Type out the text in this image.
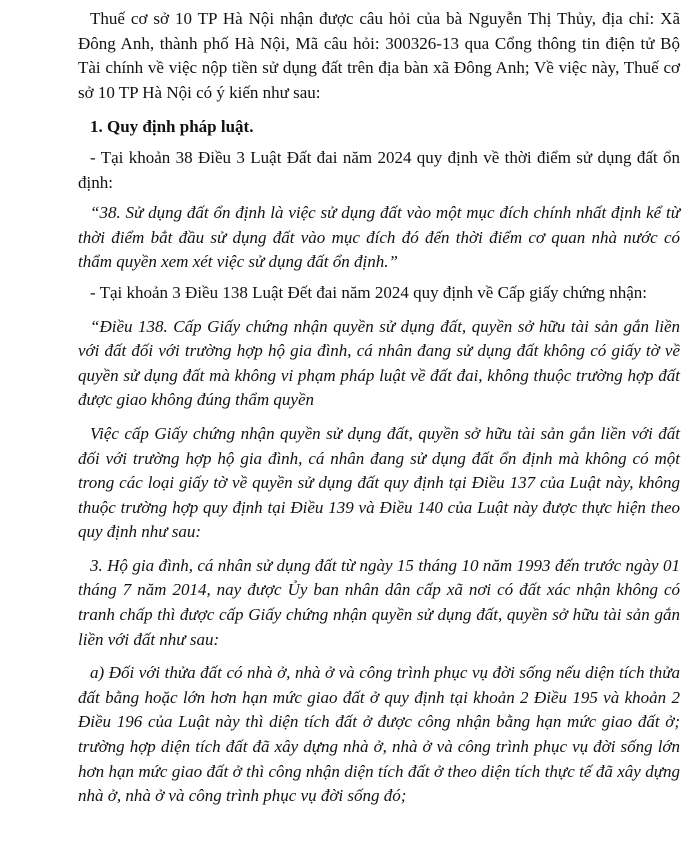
Thuế cơ sở 10 TP Hà Nội nhận được câu hỏi của bà Nguyễn Thị Thủy, địa chỉ: Xã Đông Anh, thành phố Hà Nội, Mã câu hỏi: 300326-13 qua Cổng thông tin điện tử Bộ Tài chính về việc nộp tiền sử dụng đất trên địa bàn xã Đông Anh; Về việc này, Thuế cơ sở 10 TP Hà Nội có ý kiến như sau:

1. Quy định pháp luật.

- Tại khoản 38 Điều 3 Luật Đất đai năm 2024 quy định về thời điểm sử dụng đất ổn định:

“38. Sử dụng đất ổn định là việc sử dụng đất vào một mục đích chính nhất định kể từ thời điểm bắt đầu sử dụng đất vào mục đích đó đến thời điểm cơ quan nhà nước có thẩm quyền xem xét việc sử dụng đất ổn định.”

- Tại khoản 3 Điều 138 Luật Đết đai năm 2024 quy định về Cấp giấy chứng nhận:

“Điều 138. Cấp Giấy chứng nhận quyền sử dụng đất, quyền sở hữu tài sản gắn liền với đất đối với trường hợp hộ gia đình, cá nhân đang sử dụng đất không có giấy tờ về quyền sử dụng đất mà không vi phạm pháp luật về đất đai, không thuộc trường hợp đất được giao không đúng thẩm quyền

Việc cấp Giấy chứng nhận quyền sử dụng đất, quyền sở hữu tài sản gắn liền với đất đối với trường hợp hộ gia đình, cá nhân đang sử dụng đất ổn định mà không có một trong các loại giấy tờ về quyền sử dụng đất quy định tại Điều 137 của Luật này, không thuộc trường hợp quy định tại Điều 139 và Điều 140 của Luật này được thực hiện theo quy định như sau:

3. Hộ gia đình, cá nhân sử dụng đất từ ngày 15 tháng 10 năm 1993 đến trước ngày 01 tháng 7 năm 2014, nay được Ủy ban nhân dân cấp xã nơi có đất xác nhận không có tranh chấp thì được cấp Giấy chứng nhận quyền sử dụng đất, quyền sở hữu tài sản gắn liền với đất như sau:

a) Đối với thửa đất có nhà ở, nhà ở và công trình phục vụ đời sống nếu diện tích thửa đất bằng hoặc lớn hơn hạn mức giao đất ở quy định tại khoản 2 Điều 195 và khoản 2 Điều 196 của Luật này thì diện tích đất ở được công nhận bằng hạn mức giao đất ở; trường hợp diện tích đất đã xây dựng nhà ở, nhà ở và công trình phục vụ đời sống lớn hơn hạn mức giao đất ở thì công nhận diện tích đất ở theo diện tích thực tế đã xây dựng nhà ở, nhà ở và công trình phục vụ đời sống đó;
